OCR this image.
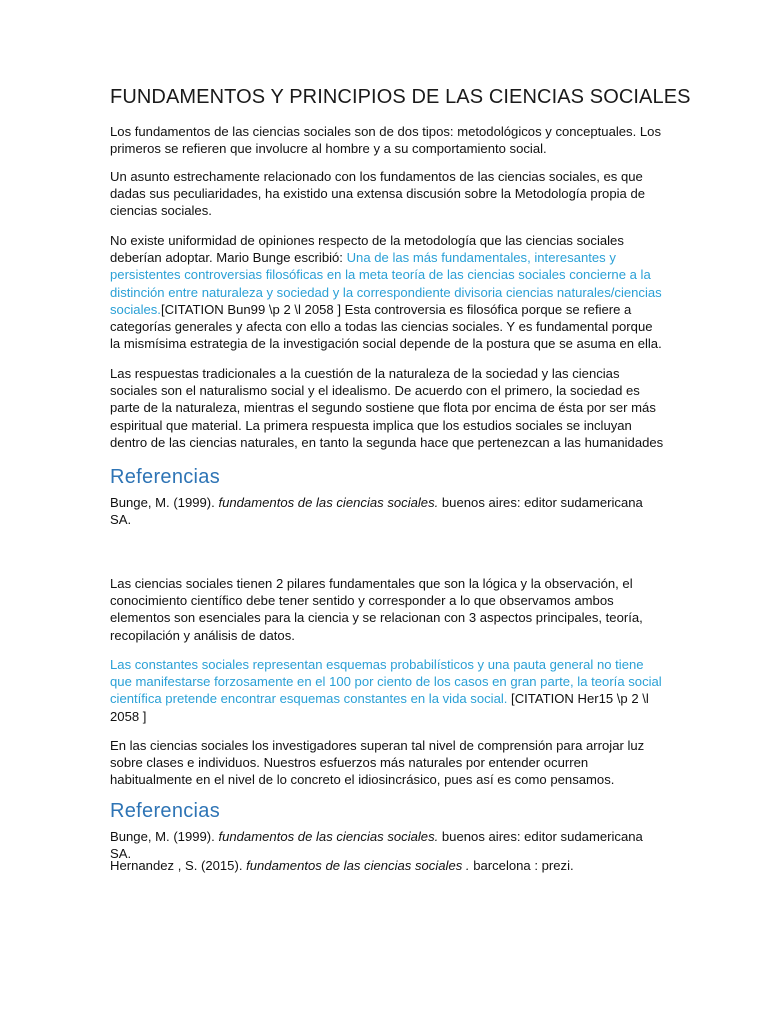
FUNDAMENTOS Y PRINCIPIOS DE LAS CIENCIAS SOCIALES

Los fundamentos de las ciencias sociales son de dos tipos: metodológicos y conceptuales. Los primeros se refieren que involucre al hombre y a su comportamiento social.

Un asunto estrechamente relacionado con los fundamentos de las ciencias sociales, es que dadas sus peculiaridades, ha existido una extensa discusión sobre la Metodología propia de ciencias sociales.

No existe uniformidad de opiniones respecto de la metodología que las ciencias sociales deberían adoptar. Mario Bunge escribió: Una de las más fundamentales, interesantes y persistentes controversias filosóficas en la meta teoría de las ciencias sociales concierne a la distinción entre naturaleza y sociedad y la correspondiente divisoria ciencias naturales/ciencias sociales.[CITATION Bun99 \p 2 \l 2058 ] Esta controversia es filosófica porque se refiere a categorías generales y afecta con ello a todas las ciencias sociales. Y es fundamental porque la mismísima estrategia de la investigación social depende de la postura que se asuma en ella.

Las respuestas tradicionales a la cuestión de la naturaleza de la sociedad y las ciencias sociales son el naturalismo social y el idealismo. De acuerdo con el primero, la sociedad es parte de la naturaleza, mientras el segundo sostiene que flota por encima de ésta por ser más espiritual que material. La primera respuesta implica que los estudios sociales se incluyan dentro de las ciencias naturales, en tanto la segunda hace que pertenezcan a las humanidades

Referencias

Bunge, M. (1999). fundamentos de las ciencias sociales. buenos aires: editor sudamericana SA.

Las ciencias sociales tienen 2 pilares fundamentales que son la lógica y la observación, el conocimiento científico debe tener sentido y corresponder a lo que observamos ambos elementos son esenciales para la ciencia y se relacionan con 3 aspectos principales, teoría, recopilación y análisis de datos.

Las constantes sociales representan esquemas probabilísticos y una pauta general no tiene que manifestarse forzosamente en el 100 por ciento de los casos en gran parte, la teoría social científica pretende encontrar esquemas constantes en la vida social. [CITATION Her15 \p 2 \l 2058 ]

En las ciencias sociales los investigadores superan tal nivel de comprensión para arrojar luz sobre clases e individuos. Nuestros esfuerzos más naturales por entender ocurren habitualmente en el nivel de lo concreto el idiosincrásico, pues así es como pensamos.

Referencias

Bunge, M. (1999). fundamentos de las ciencias sociales. buenos aires: editor sudamericana SA.

Hernandez , S. (2015). fundamentos de las ciencias sociales . barcelona : prezi.
